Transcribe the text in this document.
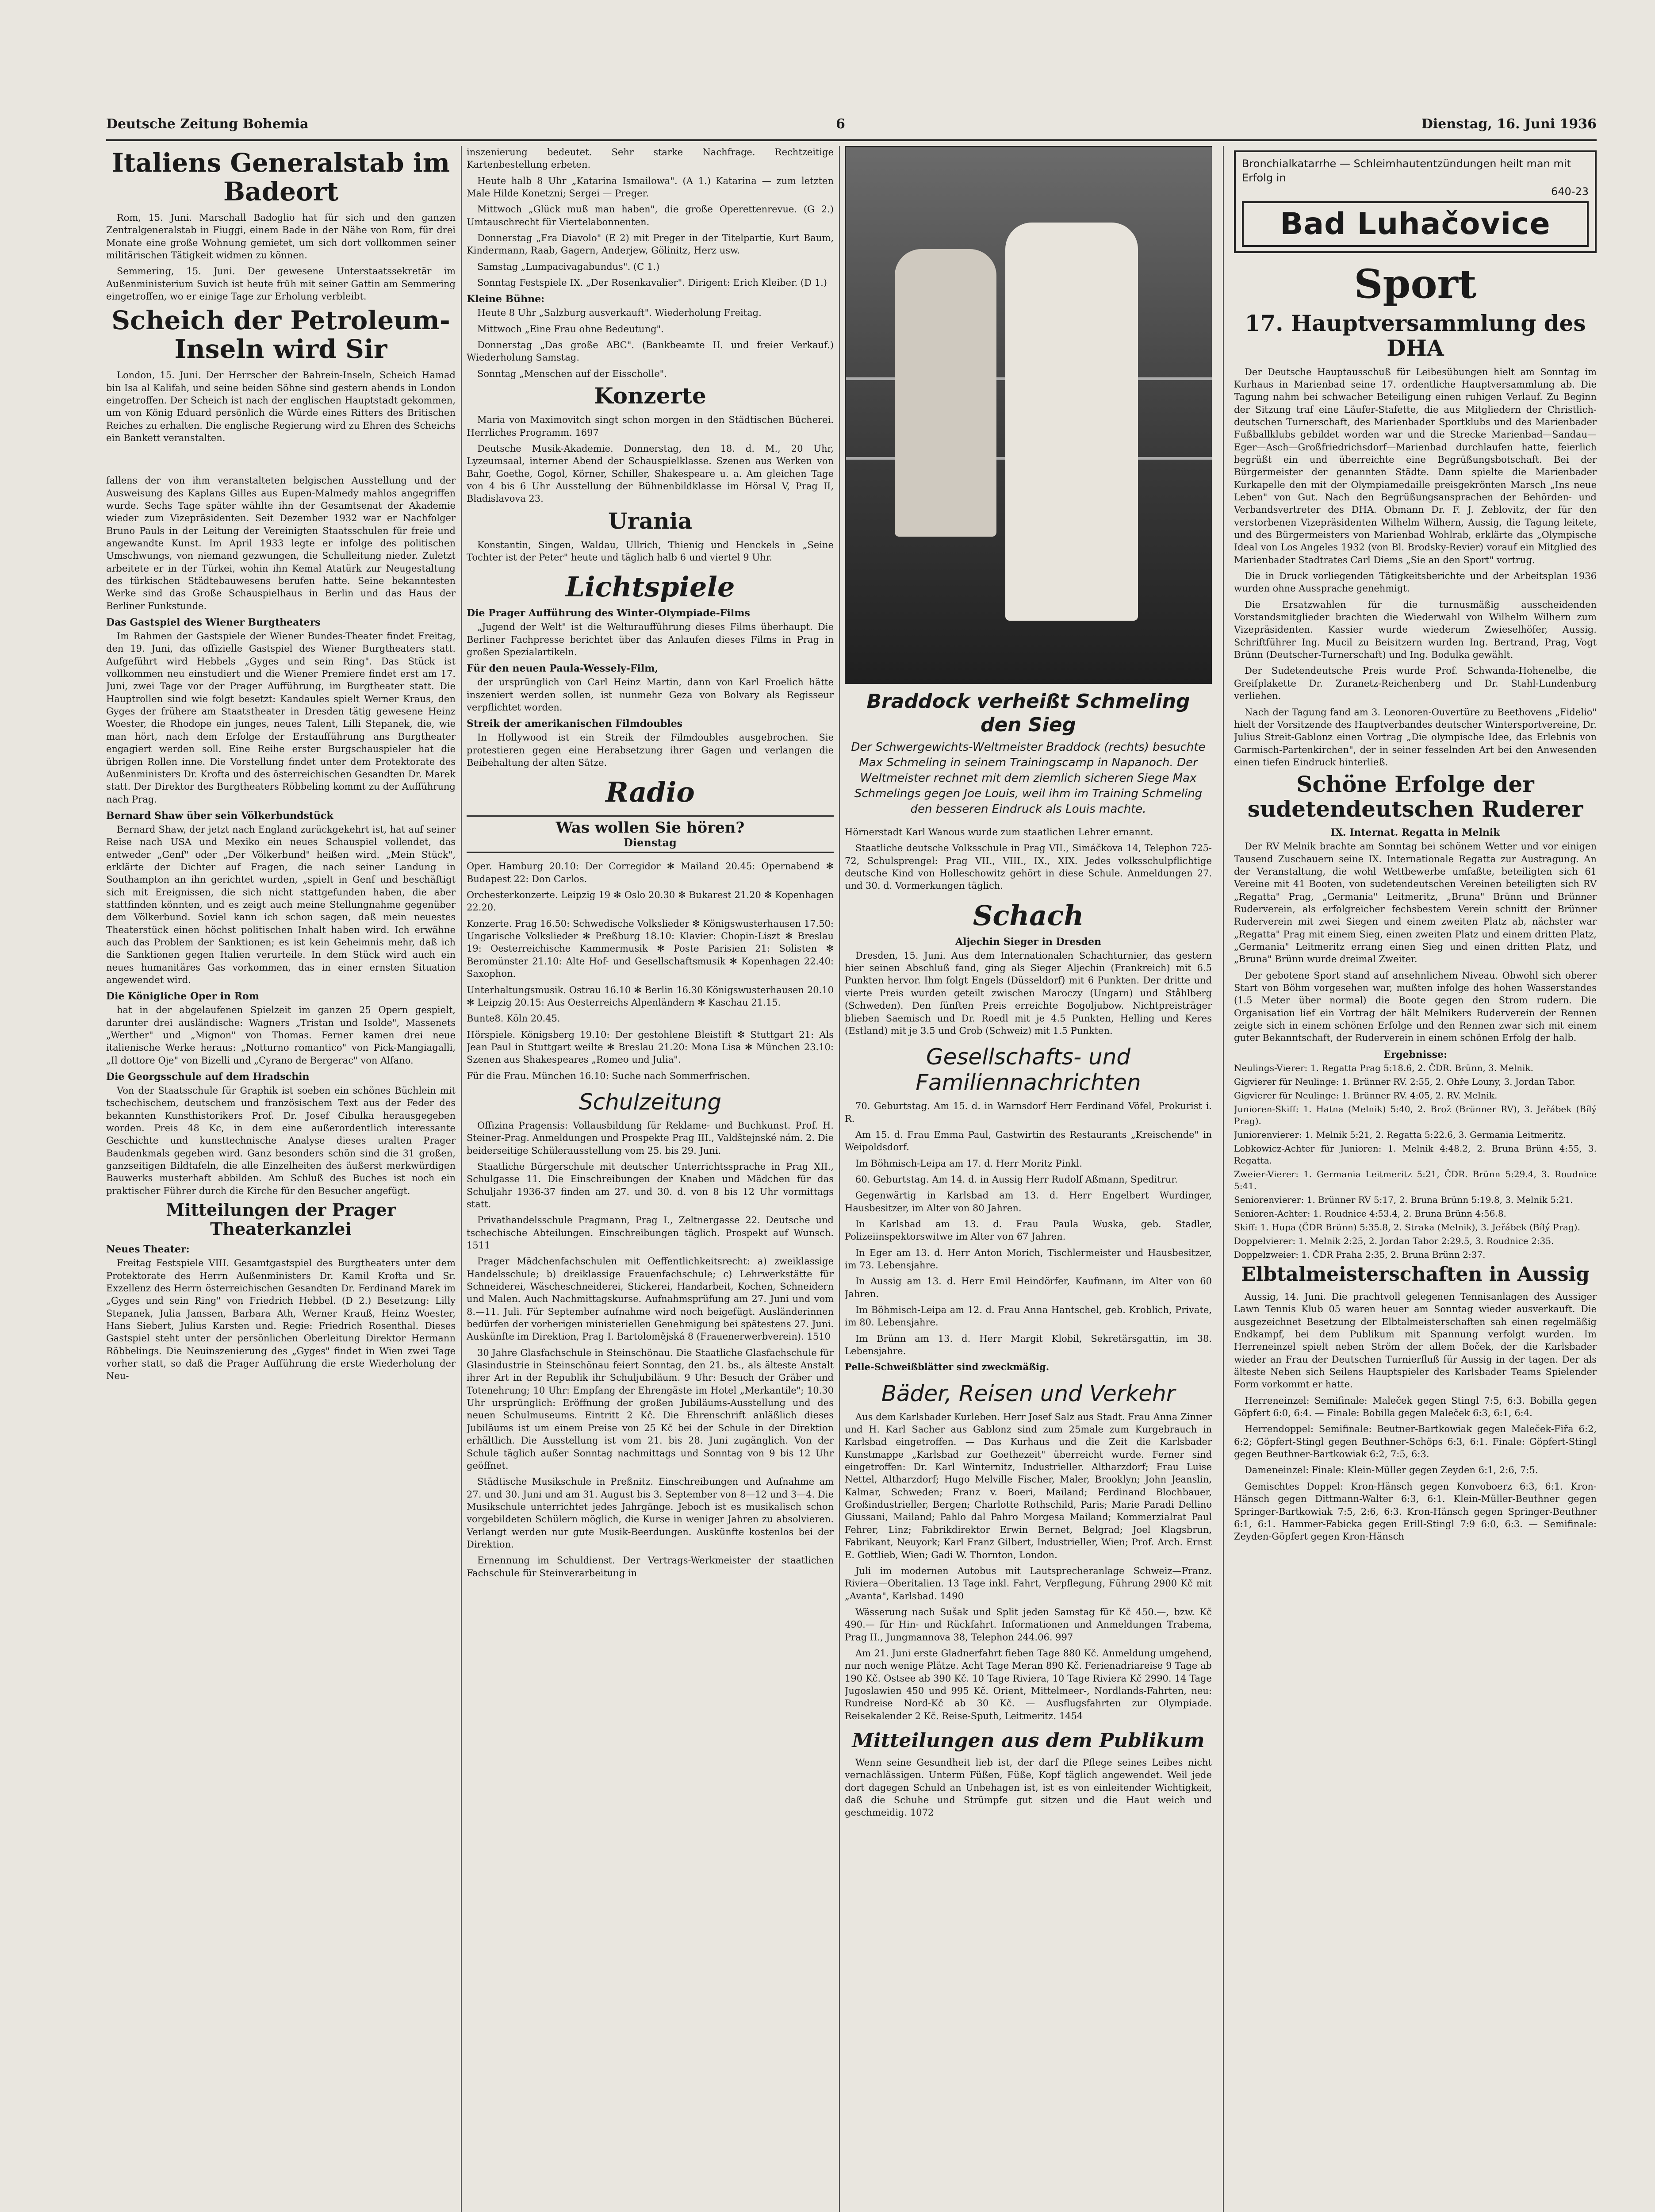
Deutsche Zeitung Bohemia	6	Dienstag, 16. Juni 1936
Italiens Generalstab im Badeort

Rom, 15. Juni. Marschall Badoglio hat für sich und den ganzen Zentralgeneralstab in Fiuggi, einem Bade in der Nähe von Rom, für drei Monate eine große Wohnung gemietet, um sich dort vollkommen seiner militärischen Tätigkeit widmen zu können.

Semmering, 15. Juni. Der gewesene Unterstaatssekretär im Außenministerium Suvich ist heute früh mit seiner Gattin am Semmering eingetroffen, wo er einige Tage zur Erholung verbleibt.

Scheich der Petroleum-Inseln wird Sir

London, 15. Juni. Der Herrscher der Bahrein-Inseln, Scheich Hamad bin Isa al Kalifah, und seine beiden Söhne sind gestern abends in London eingetroffen. Der Scheich ist nach der englischen Hauptstadt gekommen, um von König Eduard persönlich die Würde eines Ritters des Britischen Reiches zu erhalten. Die englische Regierung wird zu Ehren des Scheichs ein Bankett veranstalten.

fallens der von ihm veranstalteten belgischen Ausstellung und der Ausweisung des Kaplans Gilles aus Eupen-Malmedy mahlos angegriffen wurde. Sechs Tage später wählte ihn der Gesamtsenat der Akademie wieder zum Vizepräsidenten. Seit Dezember 1932 war er Nachfolger Bruno Pauls in der Leitung der Vereinigten Staatsschulen für freie und angewandte Kunst. Im April 1933 legte er infolge des politischen Umschwungs, von niemand gezwungen, die Schulleitung nieder. Zuletzt arbeitete er in der Türkei, wohin ihn Kemal Atatürk zur Neugestaltung des türkischen Städtebauwesens berufen hatte. Seine bekanntesten Werke sind das Große Schauspielhaus in Berlin und das Haus der Berliner Funkstunde.

Das Gastspiel des Wiener Burgtheaters

Im Rahmen der Gastspiele der Wiener Bundes-Theater findet Freitag, den 19. Juni, das offizielle Gastspiel des Wiener Burgtheaters statt. Aufgeführt wird Hebbels „Gyges und sein Ring". Das Stück ist vollkommen neu einstudiert und die Wiener Premiere findet erst am 17. Juni, zwei Tage vor der Prager Aufführung, im Burgtheater statt. Die Hauptrollen sind wie folgt besetzt: Kandaules spielt Werner Kraus, den Gyges der frühere am Staatstheater in Dresden tätig gewesene Heinz Woester, die Rhodope ein junges, neues Talent, Lilli Stepanek, die, wie man hört, nach dem Erfolge der Erstaufführung ans Burgtheater engagiert werden soll. Eine Reihe erster Burgschauspieler hat die übrigen Rollen inne. Die Vorstellung findet unter dem Protektorate des Außenministers Dr. Krofta und des österreichischen Gesandten Dr. Marek statt. Der Direktor des Burgtheaters Röbbeling kommt zu der Aufführung nach Prag.

Bernard Shaw über sein Völkerbundstück

Bernard Shaw, der jetzt nach England zurückgekehrt ist, hat auf seiner Reise nach USA und Mexiko ein neues Schauspiel vollendet, das entweder „Genf" oder „Der Völkerbund" heißen wird. „Mein Stück", erklärte der Dichter auf Fragen, die nach seiner Landung in Southampton an ihn gerichtet wurden, „spielt in Genf und beschäftigt sich mit Ereignissen, die sich nicht stattgefunden haben, die aber stattfinden könnten, und es zeigt auch meine Stellungnahme gegenüber dem Völkerbund. Soviel kann ich schon sagen, daß mein neuestes Theaterstück einen höchst politischen Inhalt haben wird. Ich erwähne auch das Problem der Sanktionen; es ist kein Geheimnis mehr, daß ich die Sanktionen gegen Italien verurteile. In dem Stück wird auch ein neues humanitäres Gas vorkommen, das in einer ernsten Situation angewendet wird.

Die Königliche Oper in Rom

hat in der abgelaufenen Spielzeit im ganzen 25 Opern gespielt, darunter drei ausländische: Wagners „Tristan und Isolde", Massenets „Werther" und „Mignon" von Thomas. Ferner kamen drei neue italienische Werke heraus: „Notturno romantico" von Pick-Mangiagalli, „Il dottore Oje" von Bizelli und „Cyrano de Bergerac" von Alfano.

Die Georgsschule auf dem Hradschin

Von der Staatsschule für Graphik ist soeben ein schönes Büchlein mit tschechischem, deutschem und französischem Text aus der Feder des bekannten Kunsthistorikers Prof. Dr. Josef Cibulka herausgegeben worden. Preis 48 Kc, in dem eine außerordentlich interessante Geschichte und kunsttechnische Analyse dieses uralten Prager Baudenkmals gegeben wird. Ganz besonders schön sind die 31 großen, ganzseitigen Bildtafeln, die alle Einzelheiten des äußerst merkwürdigen Bauwerks musterhaft abbilden. Am Schluß des Buches ist noch ein praktischer Führer durch die Kirche für den Besucher angefügt.

Mitteilungen der Prager Theaterkanzlei
Neues Theater:

Freitag Festspiele VIII. Gesamtgastspiel des Burgtheaters unter dem Protektorate des Herrn Außenministers Dr. Kamil Krofta und Sr. Exzellenz des Herrn österreichischen Gesandten Dr. Ferdinand Marek im „Gyges und sein Ring" von Friedrich Hebbel. (D 2.) Besetzung: Lilly Stepanek, Julia Janssen, Barbara Ath, Werner Krauß, Heinz Woester, Hans Siebert, Julius Karsten und. Regie: Friedrich Rosenthal. Dieses Gastspiel steht unter der persönlichen Oberleitung Direktor Hermann Röbbelings. Die Neuinszenierung des „Gyges" findet in Wien zwei Tage vorher statt, so daß die Prager Aufführung die erste Wiederholung der Neu-

inszenierung bedeutet. Sehr starke Nachfrage. Rechtzeitige Kartenbestellung erbeten.

Heute halb 8 Uhr „Katarina Ismailowa". (A 1.) Katarina — zum letzten Male Hilde Konetzni; Sergei — Preger.

Mittwoch „Glück muß man haben", die große Operettenrevue. (G 2.) Umtauschrecht für Viertelabonnenten.

Donnerstag „Fra Diavolo" (E 2) mit Preger in der Titelpartie, Kurt Baum, Kindermann, Raab, Gagern, Anderjew, Gölinitz, Herz usw.

Samstag „Lumpacivagabundus". (C 1.)

Sonntag Festspiele IX. „Der Rosenkavalier". Dirigent: Erich Kleiber. (D 1.)

Kleine Bühne:

Heute 8 Uhr „Salzburg ausverkauft". Wiederholung Freitag.

Mittwoch „Eine Frau ohne Bedeutung".

Donnerstag „Das große ABC". (Bankbeamte II. und freier Verkauf.) Wiederholung Samstag.

Sonntag „Menschen auf der Eisscholle".

Konzerte

Maria von Maximovitch singt schon morgen in den Städtischen Bücherei. Herrliches Programm. 1697

Deutsche Musik-Akademie. Donnerstag, den 18. d. M., 20 Uhr, Lyzeumsaal, interner Abend der Schauspielklasse. Szenen aus Werken von Bahr, Goethe, Gogol, Körner, Schiller, Shakespeare u. a. Am gleichen Tage von 4 bis 6 Uhr Ausstellung der Bühnenbildklasse im Hörsal V, Prag II, Bladislavova 23.

Urania

Konstantin, Singen, Waldau, Ullrich, Thienig und Henckels in „Seine Tochter ist der Peter" heute und täglich halb 6 und viertel 9 Uhr.

Lichtspiele
Die Prager Aufführung des Winter-Olympiade-Films

„Jugend der Welt" ist die Welturaufführung dieses Films überhaupt. Die Berliner Fachpresse berichtet über das Anlaufen dieses Films in Prag in großen Spezialartikeln.

Für den neuen Paula-Wessely-Film,

der ursprünglich von Carl Heinz Martin, dann von Karl Froelich hätte inszeniert werden sollen, ist nunmehr Geza von Bolvary als Regisseur verpflichtet worden.

Streik der amerikanischen Filmdoubles

In Hollywood ist ein Streik der Filmdoubles ausgebrochen. Sie protestieren gegen eine Herabsetzung ihrer Gagen und verlangen die Beibehaltung der alten Sätze.

Radio
Was wollen Sie hören?
Dienstag

Oper. Hamburg 20.10: Der Corregidor ✻ Mailand 20.45: Opernabend ✻ Budapest 22: Don Carlos.

Orchesterkonzerte. Leipzig 19 ✻ Oslo 20.30 ✻ Bukarest 21.20 ✻ Kopenhagen 22.20.

Konzerte. Prag 16.50: Schwedische Volkslieder ✻ Königswusterhausen 17.50: Ungarische Volkslieder ✻ Preßburg 18.10: Klavier: Chopin-Liszt ✻ Breslau 19: Oesterreichische Kammermusik ✻ Poste Parisien 21: Solisten ✻ Beromünster 21.10: Alte Hof- und Gesellschaftsmusik ✻ Kopenhagen 22.40: Saxophon.

Unterhaltungsmusik. Ostrau 16.10 ✻ Berlin 16.30 Königswusterhausen 20.10 ✻ Leipzig 20.15: Aus Oesterreichs Alpenländern ✻ Kaschau 21.15.

Bunte8. Köln 20.45.

Hörspiele. Königsberg 19.10: Der gestohlene Bleistift ✻ Stuttgart 21: Als Jean Paul in Stuttgart weilte ✻ Breslau 21.20: Mona Lisa ✻ München 23.10: Szenen aus Shakespeares „Romeo und Julia".

Für die Frau. München 16.10: Suche nach Sommerfrischen.

Schulzeitung

Offizina Pragensis: Vollausbildung für Reklame- und Buchkunst. Prof. H. Steiner-Prag. Anmeldungen und Prospekte Prag III., Valdštejnské nám. 2. Die beiderseitige Schülerausstellung vom 25. bis 29. Juni.

Staatliche Bürgerschule mit deutscher Unterrichtssprache in Prag XII., Schulgasse 11. Die Einschreibungen der Knaben und Mädchen für das Schuljahr 1936-37 finden am 27. und 30. d. von 8 bis 12 Uhr vormittags statt.

Privathandelsschule Pragmann, Prag I., Zeltnergasse 22. Deutsche und tschechische Abteilungen. Einschreibungen täglich. Prospekt auf Wunsch. 1511

Prager Mädchenfachschulen mit Oeffentlichkeitsrecht: a) zweiklassige Handelsschule; b) dreiklassige Frauenfachschule; c) Lehrwerkstätte für Schneiderei, Wäscheschneiderei, Stickerei, Handarbeit, Kochen, Schneidern und Malen. Auch Nachmittagskurse. Aufnahmsprüfung am 27. Juni und vom 8.—11. Juli. Für September aufnahme wird noch beigefügt. Ausländerinnen bedürfen der vorherigen ministeriellen Genehmigung bei spätestens 27. Juni. Auskünfte im Direktion, Prag I. Bartolomějská 8 (Frauenerwerbverein). 1510

30 Jahre Glasfachschule in Steinschönau. Die Staatliche Glasfachschule für Glasindustrie in Steinschönau feiert Sonntag, den 21. bs., als älteste Anstalt ihrer Art in der Republik ihr Schuljubiläum. 9 Uhr: Besuch der Gräber und Totenehrung; 10 Uhr: Empfang der Ehrengäste im Hotel „Merkantile"; 10.30 Uhr ursprünglich: Eröffnung der großen Jubiläums-Ausstellung und des neuen Schulmuseums. Eintritt 2 Kč. Die Ehrenschrift anläßlich dieses Jubiläums ist um einem Preise von 25 Kč bei der Schule in der Direktion erhältlich. Die Ausstellung ist vom 21. bis 28. Juni zugänglich. Von der Schule täglich außer Sonntag nachmittags und Sonntag von 9 bis 12 Uhr geöffnet.

Städtische Musikschule in Preßnitz. Einschreibungen und Aufnahme am 27. und 30. Juni und am 31. August bis 3. September von 8—12 und 3—4. Die Musikschule unterrichtet jedes Jahrgänge. Jeboch ist es musikalisch schon vorgebildeten Schülern möglich, die Kurse in weniger Jahren zu absolvieren. Verlangt werden nur gute Musik-Beerdungen. Auskünfte kostenlos bei der Direktion.

Ernennung im Schuldienst. Der Vertrags-Werkmeister der staatlichen Fachschule für Steinverarbeitung in

Braddock verheißt Schmeling den Sieg
Der Schwergewichts-Weltmeister Braddock (rechts) besuchte Max Schmeling in seinem Trainingscamp in Napanoch. Der Weltmeister rechnet mit dem ziemlich sicheren Siege Max Schmelings gegen Joe Louis, weil ihm im Training Schmeling den besseren Eindruck als Louis machte.

Hörnerstadt Karl Wanous wurde zum staatlichen Lehrer ernannt.

Staatliche deutsche Volksschule in Prag VII., Simáčkova 14, Telephon 725-72, Schulsprengel: Prag VII., VIII., IX., XIX. Jedes volksschulpflichtige deutsche Kind von Holleschowitz gehört in diese Schule. Anmeldungen 27. und 30. d. Vormerkungen täglich.

Schach
Aljechin Sieger in Dresden

Dresden, 15. Juni. Aus dem Internationalen Schachturnier, das gestern hier seinen Abschluß fand, ging als Sieger Aljechin (Frankreich) mit 6.5 Punkten hervor. Ihm folgt Engels (Düsseldorf) mit 6 Punkten. Der dritte und vierte Preis wurden geteilt zwischen Maroczy (Ungarn) und Ståhlberg (Schweden). Den fünften Preis erreichte Bogoljubow. Nichtpreisträger blieben Saemisch und Dr. Roedl mit je 4.5 Punkten, Helling und Keres (Estland) mit je 3.5 und Grob (Schweiz) mit 1.5 Punkten.

Gesellschafts- und Familiennachrichten

70. Geburtstag. Am 15. d. in Warnsdorf Herr Ferdinand Vöfel, Prokurist i. R.

Am 15. d. Frau Emma Paul, Gastwirtin des Restaurants „Kreischende" in Weipoldsdorf.

Im Böhmisch-Leipa am 17. d. Herr Moritz Pinkl.

60. Geburtstag. Am 14. d. in Aussig Herr Rudolf Aßmann, Speditrur.

Gegenwärtig in Karlsbad am 13. d. Herr Engelbert Wurdinger, Hausbesitzer, im Alter von 80 Jahren.

In Karlsbad am 13. d. Frau Paula Wuska, geb. Stadler, Polizeiinspektorswitwe im Alter von 67 Jahren.

In Eger am 13. d. Herr Anton Morich, Tischlermeister und Hausbesitzer, im 73. Lebensjahre.

In Aussig am 13. d. Herr Emil Heindörfer, Kaufmann, im Alter von 60 Jahren.

Im Böhmisch-Leipa am 12. d. Frau Anna Hantschel, geb. Kroblich, Private, im 80. Lebensjahre.

Im Brünn am 13. d. Herr Margit Klobil, Sekretärsgattin, im 38. Lebensjahre.

Pelle-Schweißblätter sind zweckmäßig.

Bäder, Reisen und Verkehr

Aus dem Karlsbader Kurleben. Herr Josef Salz aus Stadt. Frau Anna Zinner und H. Karl Sacher aus Gablonz sind zum 25male zum Kurgebrauch in Karlsbad eingetroffen. — Das Kurhaus und die Zeit die Karlsbader Kunstmappe „Karlsbad zur Goethezeit" überreicht wurde. Ferner sind eingetroffen: Dr. Karl Winternitz, Industrieller. Altharzdorf; Frau Luise Nettel, Altharzdorf; Hugo Melville Fischer, Maler, Brooklyn; John Jeanslin, Kalmar, Schweden; Franz v. Boeri, Mailand; Ferdinand Blochbauer, Großindustrieller, Bergen; Charlotte Rothschild, Paris; Marie Paradi Dellino Giussani, Mailand; Pahlo dal Pahro Morgesa Mailand; Kommerzialrat Paul Fehrer, Linz; Fabrikdirektor Erwin Bernet, Belgrad; Joel Klagsbrun, Fabrikant, Neuyork; Karl Franz Gilbert, Industrieller, Wien; Prof. Arch. Ernst E. Gottlieb, Wien; Gadi W. Thornton, London.

Juli im modernen Autobus mit Lautsprecheranlage Schweiz—Franz. Riviera—Oberitalien. 13 Tage inkl. Fahrt, Verpflegung, Führung 2900 Kč mit „Avanta", Karlsbad. 1490

Wässerung nach Sušak und Split jeden Samstag für Kč 450.—, bzw. Kč 490.— für Hin- und Rückfahrt. Informationen und Anmeldungen Trabema, Prag II., Jungmannova 38, Telephon 244.06. 997

Am 21. Juni erste Gladnerfahrt fieben Tage 880 Kč. Anmeldung umgehend, nur noch wenige Plätze. Acht Tage Meran 890 Kč. Ferienadriareise 9 Tage ab 190 Kč. Ostsee ab 390 Kč. 10 Tage Riviera, 10 Tage Riviera Kč 2990. 14 Tage Jugoslawien 450 und 995 Kč. Orient, Mittelmeer-, Nordlands-Fahrten, neu: Rundreise Nord-Kč ab 30 Kč. — Ausflugsfahrten zur Olympiade. Reisekalender 2 Kč. Reise-Sputh, Leitmeritz. 1454

Mitteilungen aus dem Publikum

Wenn seine Gesundheit lieb ist, der darf die Pflege seines Leibes nicht vernachlässigen. Unterm Füßen, Füße, Kopf täglich angewendet. Weil jede dort dagegen Schuld an Unbehagen ist, ist es von einleitender Wichtigkeit, daß die Schuhe und Strümpfe gut sitzen und die Haut weich und geschmeidig. 1072

Bronchialkatarrhe — Schleimhautentzündungen heilt man mit Erfolg in
640-23
Bad Luhačovice
Sport
17. Hauptversammlung des DHA

Der Deutsche Hauptausschuß für Leibesübungen hielt am Sonntag im Kurhaus in Marienbad seine 17. ordentliche Hauptversammlung ab. Die Tagung nahm bei schwacher Beteiligung einen ruhigen Verlauf. Zu Beginn der Sitzung traf eine Läufer-Stafette, die aus Mitgliedern der Christlich-deutschen Turnerschaft, des Marienbader Sportklubs und des Marienbader Fußballklubs gebildet worden war und die Strecke Marienbad—Sandau—Eger—Asch—Großfriedrichsdorf—Marienbad durchlaufen hatte, feierlich begrüßt ein und überreichte eine Begrüßungsbotschaft. Bei der Bürgermeister der genannten Städte. Dann spielte die Marienbader Kurkapelle den mit der Olympiamedaille preisgekrönten Marsch „Ins neue Leben" von Gut. Nach den Begrüßungsansprachen der Behörden- und Verbandsvertreter des DHA. Obmann Dr. F. J. Zeblovitz, der für den verstorbenen Vizepräsidenten Wilhelm Wilhern, Aussig, die Tagung leitete, und des Bürgermeisters von Marienbad Wohlrab, erklärte das „Olympische Ideal von Los Angeles 1932 (von Bl. Brodsky-Revier) vorauf ein Mitglied des Marienbader Stadtrates Carl Diems „Sie an den Sport" vortrug.

Die in Druck vorliegenden Tätigkeitsberichte und der Arbeitsplan 1936 wurden ohne Aussprache genehmigt.

Die Ersatzwahlen für die turnusmäßig ausscheidenden Vorstandsmitglieder brachten die Wiederwahl von Wilhelm Wilhern zum Vizepräsidenten. Kassier wurde wiederum Zwieselhöfer, Aussig. Schriftführer Ing. Mucil zu Beisitzern wurden Ing. Bertrand, Prag, Vogt Brünn (Deutscher-Turnerschaft) und Ing. Bodulka gewählt.

Der Sudetendeutsche Preis wurde Prof. Schwanda-Hohenelbe, die Greifplakette Dr. Zuranetz-Reichenberg und Dr. Stahl-Lundenburg verliehen.

Nach der Tagung fand am 3. Leonoren-Ouvertüre zu Beethovens „Fidelio" hielt der Vorsitzende des Hauptverbandes deutscher Wintersportvereine, Dr. Julius Streit-Gablonz einen Vortrag „Die olympische Idee, das Erlebnis von Garmisch-Partenkirchen", der in seiner fesselnden Art bei den Anwesenden einen tiefen Eindruck hinterließ.

Schöne Erfolge der sudetendeutschen Ruderer
IX. Internat. Regatta in Melnik

Der RV Melnik brachte am Sonntag bei schönem Wetter und vor einigen Tausend Zuschauern seine IX. Internationale Regatta zur Austragung. An der Veranstaltung, die wohl Wettbewerbe umfaßte, beteiligten sich 61 Vereine mit 41 Booten, von sudetendeutschen Vereinen beteiligten sich RV „Regatta" Prag, „Germania" Leitmeritz, „Bruna" Brünn und Brünner Ruderverein, als erfolgreicher fechsbestem Verein schnitt der Brünner Ruderverein mit zwei Siegen und einem zweiten Platz ab, nächster war „Regatta" Prag mit einem Sieg, einen zweiten Platz und einem dritten Platz, „Germania" Leitmeritz errang einen Sieg und einen dritten Platz, und „Bruna" Brünn wurde dreimal Zweiter.

Der gebotene Sport stand auf ansehnlichem Niveau. Obwohl sich oberer Start von Böhm vorgesehen war, mußten infolge des hohen Wasserstandes (1.5 Meter über normal) die Boote gegen den Strom rudern. Die Organisation lief ein Vortrag der hält Melnikers Ruderverein der Rennen zeigte sich in einem schönen Erfolge und den Rennen zwar sich mit einem guter Bekanntschaft, der Ruderverein in einem schönen Erfolg der halb.

Ergebnisse:

Neulings-Vierer: 1. Regatta Prag 5:18.6, 2. ČDR. Brünn, 3. Melnik.

Gigvierer für Neulinge: 1. Brünner RV. 2:55, 2. Ohře Louny, 3. Jordan Tabor.

Gigvierer für Neulinge: 1. Brünner RV. 4:05, 2. RV. Melnik.

Junioren-Skiff: 1. Hatna (Melnik) 5:40, 2. Brož (Brünner RV), 3. Jeřábek (Bílý Prag).

Juniorenvierer: 1. Melnik 5:21, 2. Regatta 5:22.6, 3. Germania Leitmeritz.

Lobkowicz-Achter für Junioren: 1. Melnik 4:48.2, 2. Bruna Brünn 4:55, 3. Regatta.

Zweier-Vierer: 1. Germania Leitmeritz 5:21, ČDR. Brünn 5:29.4, 3. Roudnice 5:41.

Seniorenvierer: 1. Brünner RV 5:17, 2. Bruna Brünn 5:19.8, 3. Melnik 5:21.

Senioren-Achter: 1. Roudnice 4:53.4, 2. Bruna Brünn 4:56.8.

Skiff: 1. Hupa (ČDR Brünn) 5:35.8, 2. Straka (Melnik), 3. Jeřábek (Bílý Prag).

Doppelvierer: 1. Melnik 2:25, 2. Jordan Tabor 2:29.5, 3. Roudnice 2:35.

Doppelzweier: 1. ČDR Praha 2:35, 2. Bruna Brünn 2:37.

Elbtalmeisterschaften in Aussig

Aussig, 14. Juni. Die prachtvoll gelegenen Tennisanlagen des Aussiger Lawn Tennis Klub 05 waren heuer am Sonntag wieder ausverkauft. Die ausgezeichnet Besetzung der Elbtalmeisterschaften sah einen regelmäßig Endkampf, bei dem Publikum mit Spannung verfolgt wurden. Im Herreneinzel spielt neben Ström der allem Boček, der die Karlsbader wieder an Frau der Deutschen Turnierfluß für Aussig in der tagen. Der als älteste Neben sich Seilens Hauptspieler des Karlsbader Teams Spielender Form vorkommt er hatte.

Herreneinzel: Semifinale: Maleček gegen Stingl 7:5, 6:3. Bobilla gegen Göpfert 6:0, 6:4. — Finale: Bobilla gegen Maleček 6:3, 6:1, 6:4.

Herrendoppel: Semifinale: Beutner-Bartkowiak gegen Maleček-Fiřa 6:2, 6:2; Göpfert-Stingl gegen Beuthner-Schöps 6:3, 6:1. Finale: Göpfert-Stingl gegen Beuthner-Bartkowiak 6:2, 7:5, 6:3.

Dameneinzel: Finale: Klein-Müller gegen Zeyden 6:1, 2:6, 7:5.

Gemischtes Doppel: Kron-Hänsch gegen Konvoboerz 6:3, 6:1. Kron-Hänsch gegen Dittmann-Walter 6:3, 6:1. Klein-Müller-Beuthner gegen Springer-Bartkowiak 7:5, 2:6, 6:3. Kron-Hänsch gegen Springer-Beuthner 6:1, 6:1. Hammer-Fabicka gegen Erill-Stingl 7:9 6:0, 6:3. — Semifinale: Zeyden-Göpfert gegen Kron-Hänsch
